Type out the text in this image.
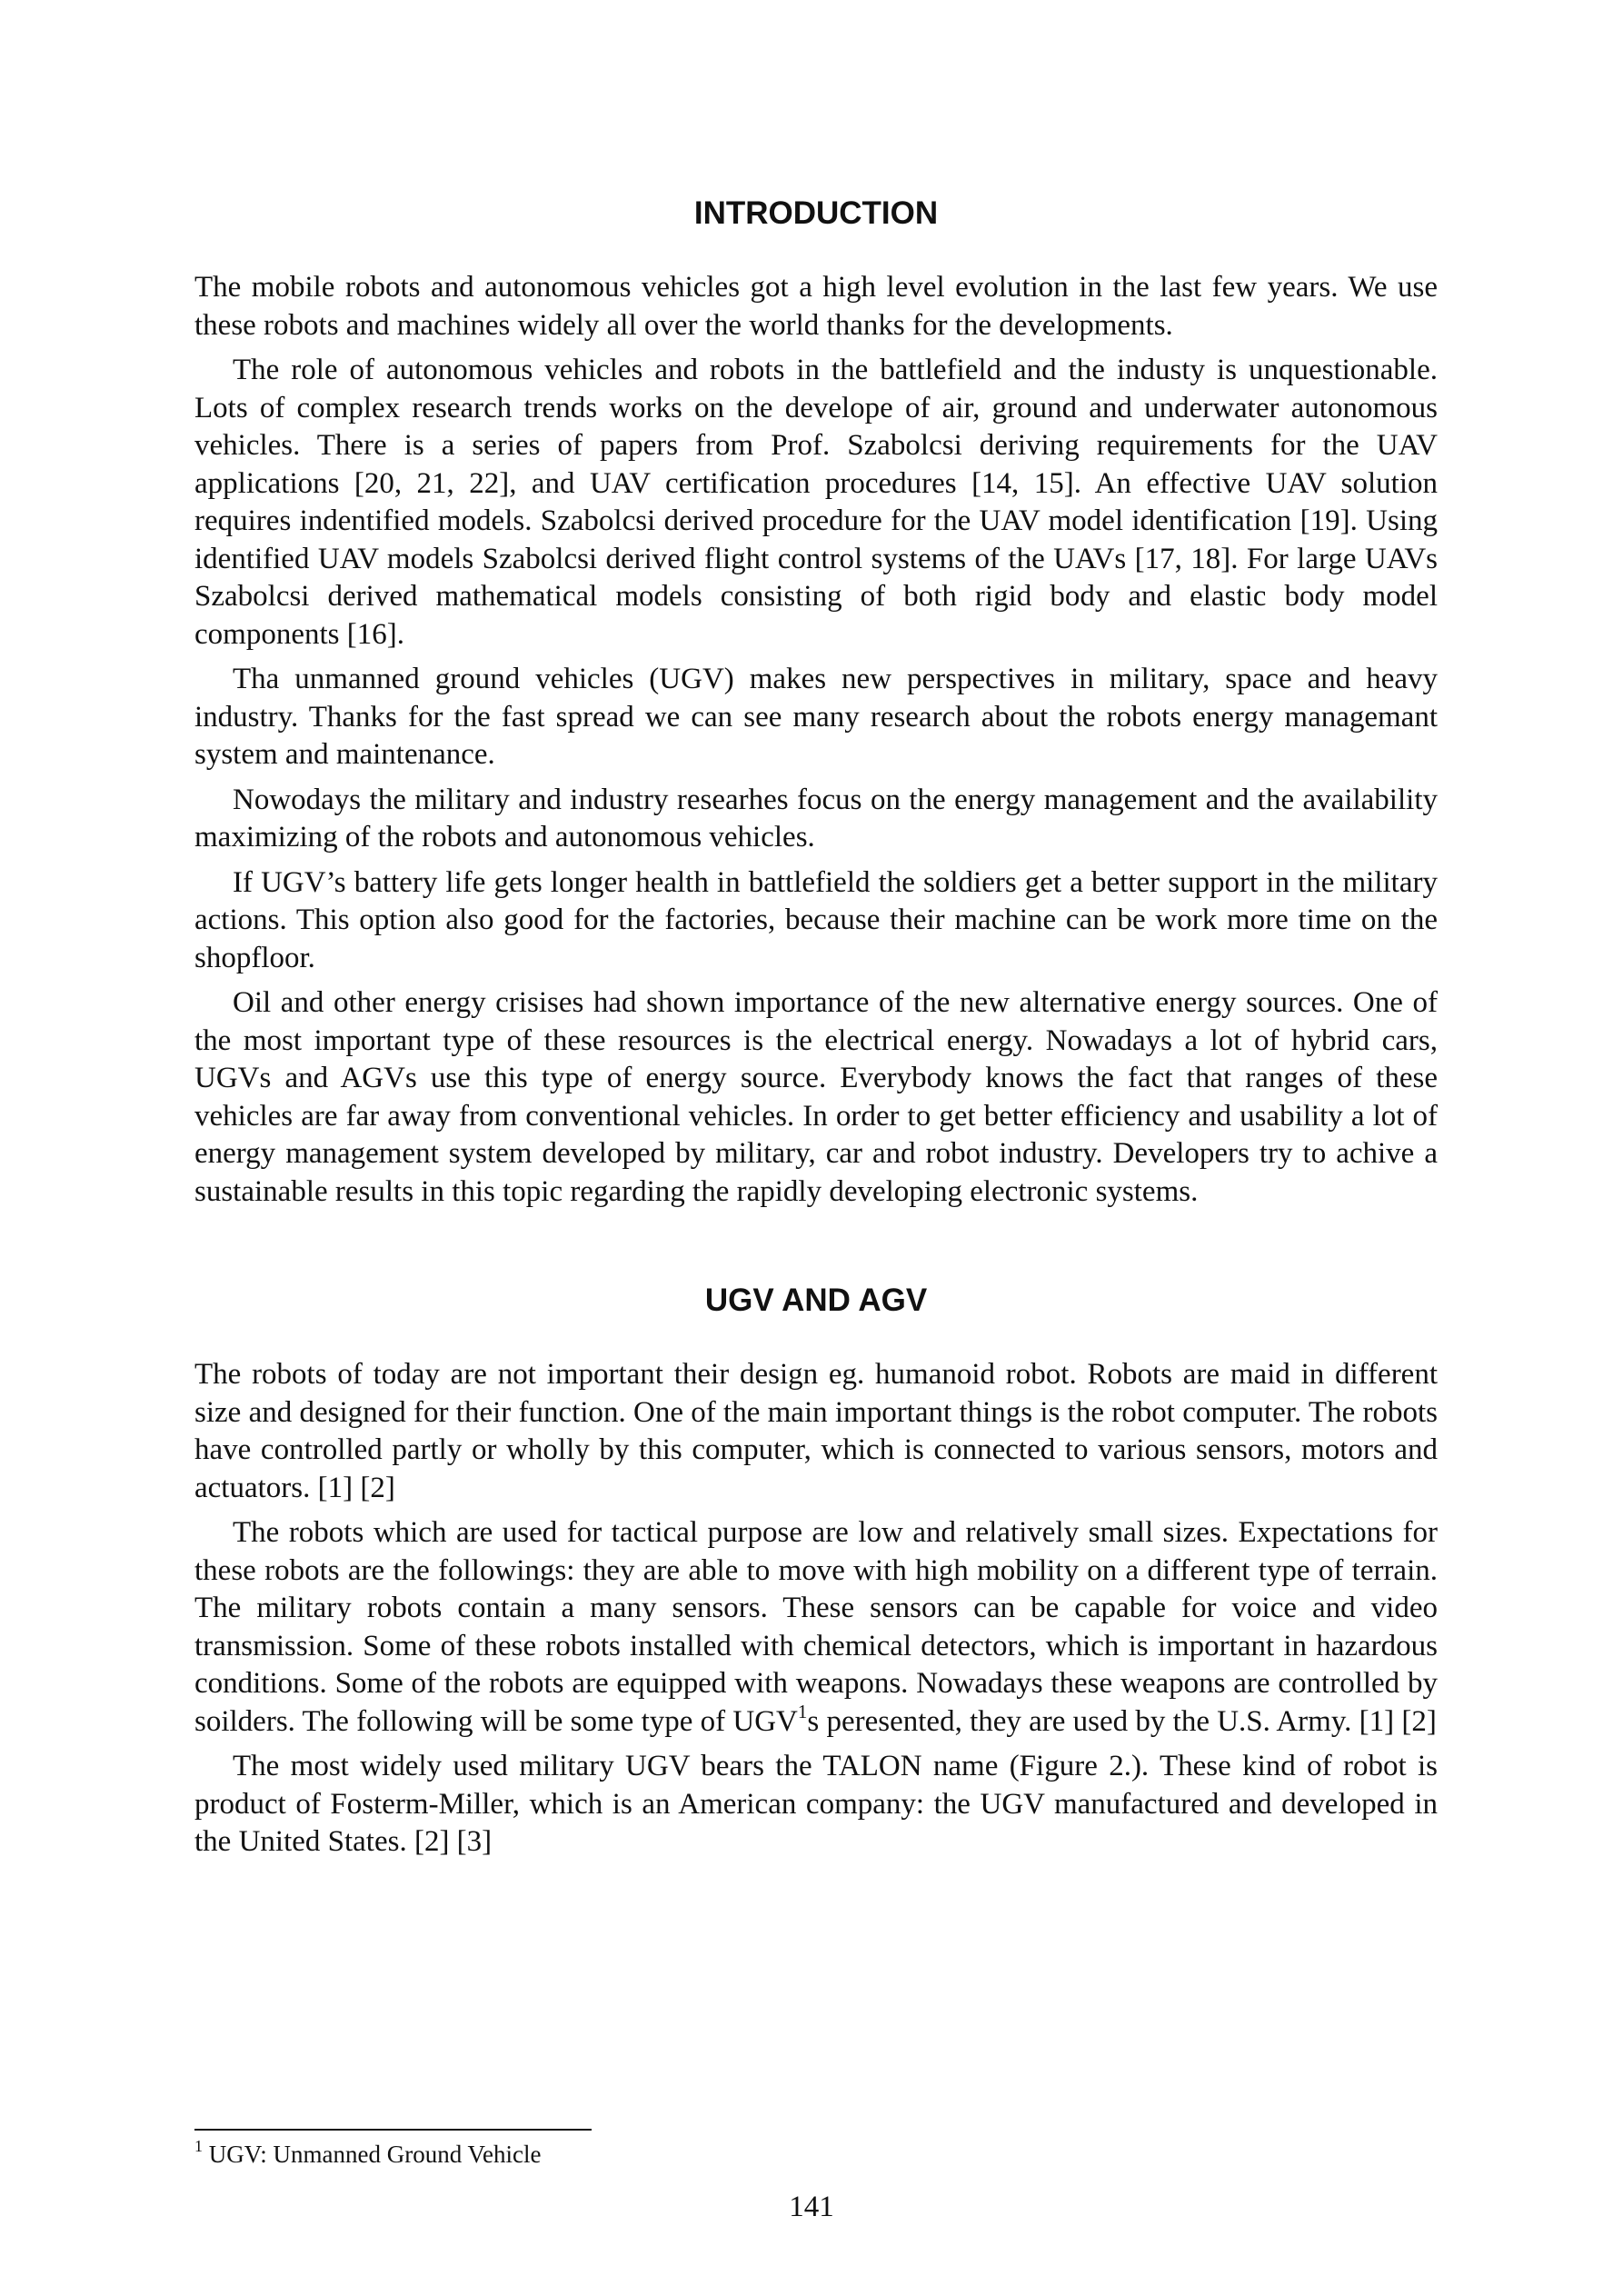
INTRODUCTION

The mobile robots and autonomous vehicles got a high level evolution in the last few years. We use these robots and machines widely all over the world thanks for the developments.

The role of autonomous vehicles and robots in the battlefield and the industy is unquestionable. Lots of complex research trends works on the develope of air, ground and underwater autonomous vehicles. There is a series of papers from Prof. Szabolcsi deriving requirements for the UAV applications [20, 21, 22], and UAV certification procedures [14, 15]. An effective UAV solution requires indentified models. Szabolcsi derived procedure for the UAV model identification [19]. Using identified UAV models Szabolcsi derived flight control systems of the UAVs [17, 18]. For large UAVs Szabolcsi derived mathematical models consisting of both rigid body and elastic body model components [16].

Tha unmanned ground vehicles (UGV) makes new perspectives in military, space and heavy industry. Thanks for the fast spread we can see many research about the robots energy managemant system and maintenance.

Nowodays the military and industry researhes focus on the energy management and the availability maximizing of the robots and autonomous vehicles.

If UGV’s battery life gets longer health in battlefield the soldiers get a better support in the military actions. This option also good for the factories, because their machine can be work more time on the shopfloor.

Oil and other energy crisises had shown importance of the new alternative energy sources. One of the most important type of these resources is the electrical energy. Nowadays a lot of hybrid cars, UGVs and AGVs use this type of energy source. Everybody knows the fact that ranges of these vehicles are far away from conventional vehicles. In order to get better efficiency and usability a lot of energy management system developed by military, car and robot industry. Developers try to achive a sustainable results in this topic regarding the rapidly developing electronic systems.

UGV AND AGV

The robots of today are not important their design eg. humanoid robot. Robots are maid in different size and designed for their function. One of the main important things is the robot computer. The robots have controlled partly or wholly by this computer, which is connected to various sensors, motors and actuators. [1] [2]

The robots which are used for tactical purpose are low and relatively small sizes. Expectations for these robots are the followings: they are able to move with high mobility on a different type of terrain. The military robots contain a many sensors. These sensors can be capable for voice and video transmission. Some of these robots installed with chemical detectors, which is important in hazardous conditions. Some of the robots are equipped with weapons. Nowadays these weapons are controlled by soilders. The following will be some type of UGV$^1$s peresented, they are used by the U.S. Army. [1] [2]

The most widely used military UGV bears the TALON name (Figure 2.). These kind of robot is product of Fosterm-Miller, which is an American company: the UGV manufactured and developed in the United States. [2] [3]

$^1$ UGV: Unmanned Ground Vehicle
141
